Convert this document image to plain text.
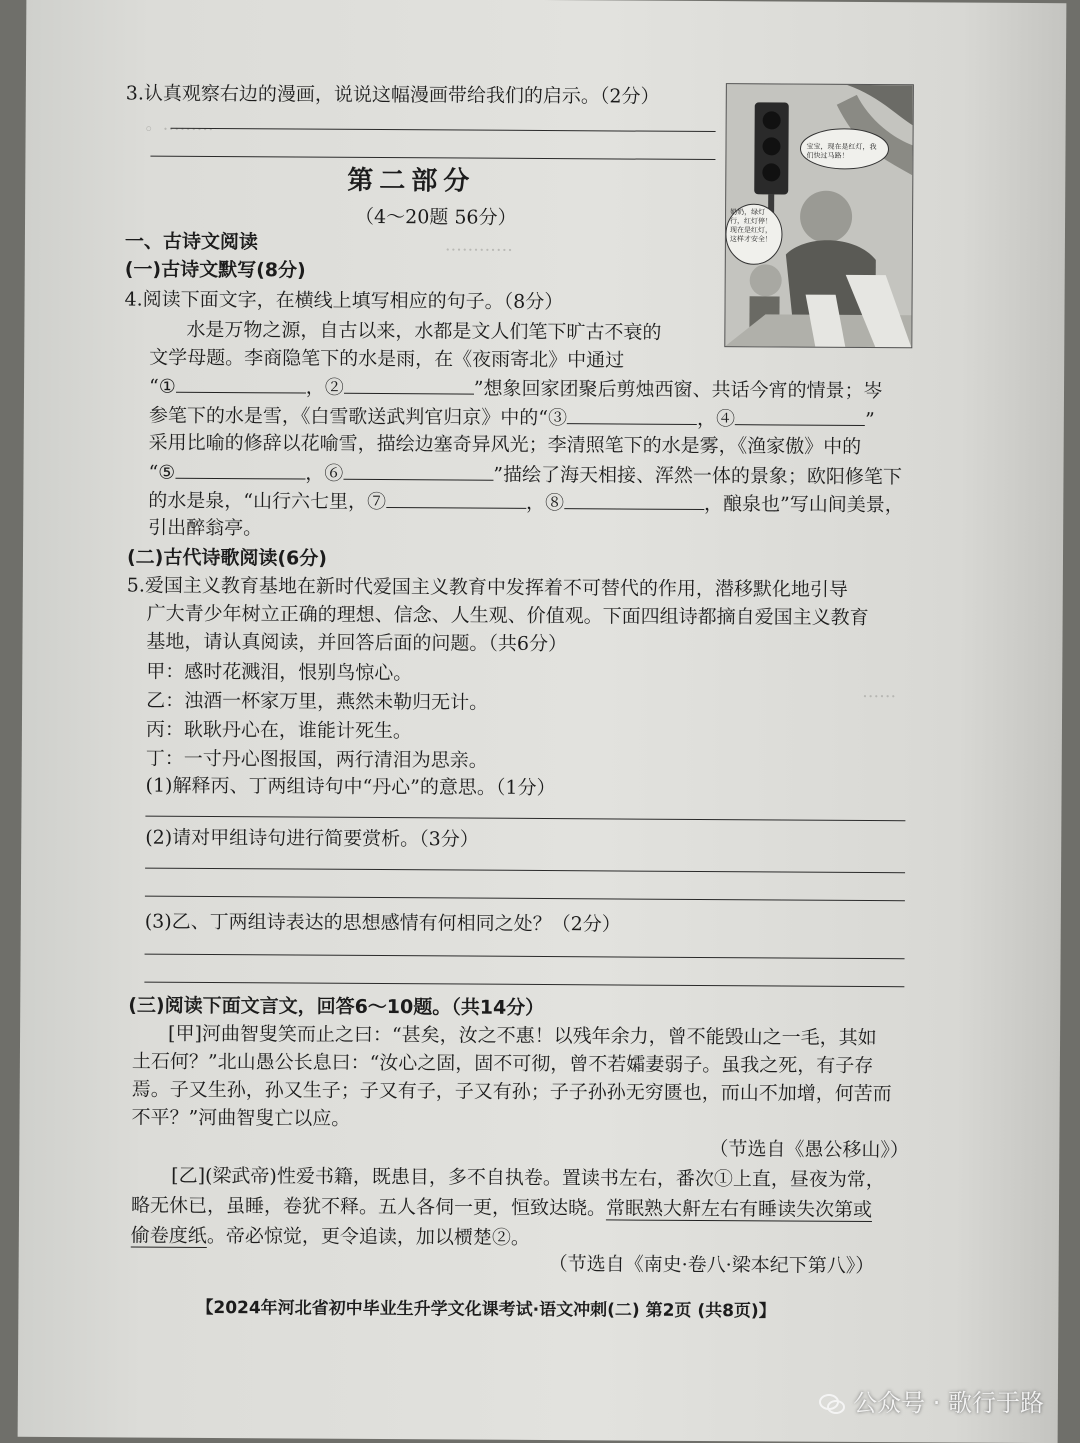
。………
…………
……
3.认真观察右边的漫画，说说这幅漫画带给我们的启示。（2分）
宝宝，现在是红灯，我们快过马路！
奶奶，绿灯行，红灯停！现在是红灯，这样才安全！
第二部分
（4～20题 56分）
一、古诗文阅读
(一)古诗文默写(8分)
4.阅读下面文字，在横线上填写相应的句子。（8分）
水是万物之源，自古以来，水都是文人们笔下旷古不衰的
文学母题。李商隐笔下的水是雨，在《夜雨寄北》中通过
“①	，②	”想象回家团聚后剪烛西窗、共话今宵的情景；岑
参笔下的水是雪，《白雪歌送武判官归京》中的“③	，④	”
采用比喻的修辞以花喻雪，描绘边塞奇异风光；李清照笔下的水是雾，《渔家傲》中的
“⑤	，⑥	”描绘了海天相接、浑然一体的景象；欧阳修笔下
的水是泉，“山行六七里，⑦	，⑧	，酿泉也”写山间美景，
引出醉翁亭。
(二)古代诗歌阅读(6分)
5.爱国主义教育基地在新时代爱国主义教育中发挥着不可替代的作用，潜移默化地引导
广大青少年树立正确的理想、信念、人生观、价值观。下面四组诗都摘自爱国主义教育
基地，请认真阅读，并回答后面的问题。（共6分）
甲：感时花溅泪，恨别鸟惊心。
乙：浊酒一杯家万里，燕然未勒归无计。
丙：耿耿丹心在，谁能计死生。
丁：一寸丹心图报国，两行清泪为思亲。
(1)解释丙、丁两组诗句中“丹心”的意思。（1分）
(2)请对甲组诗句进行简要赏析。（3分）
(3)乙、丁两组诗表达的思想感情有何相同之处？（2分）
(三)阅读下面文言文，回答6～10题。（共14分）
[甲]河曲智叟笑而止之曰：“甚矣，汝之不惠！以残年余力，曾不能毁山之一毛，其如
土石何？”北山愚公长息曰：“汝心之固，固不可彻，曾不若孀妻弱子。虽我之死，有子存
焉。子又生孙，孙又生子；子又有子，子又有孙；子子孙孙无穷匮也，而山不加增，何苦而
不平？”河曲智叟亡以应。
（节选自《愚公移山》）
[乙](梁武帝)性爱书籍，既患目，多不自执卷。置读书左右，番次①上直，昼夜为常，
略无休已，虽睡，卷犹不释。五人各伺一更，恒致达晓。常眠熟大鼾左右有睡读失次第或
偷卷度纸。帝必惊觉，更令追读，加以槚楚②。
（节选自《南史·卷八·梁本纪下第八》）
【2024年河北省初中毕业生升学文化课考试·语文冲刺(二) 第2页 (共8页)】
公众号 · 歌行于路
